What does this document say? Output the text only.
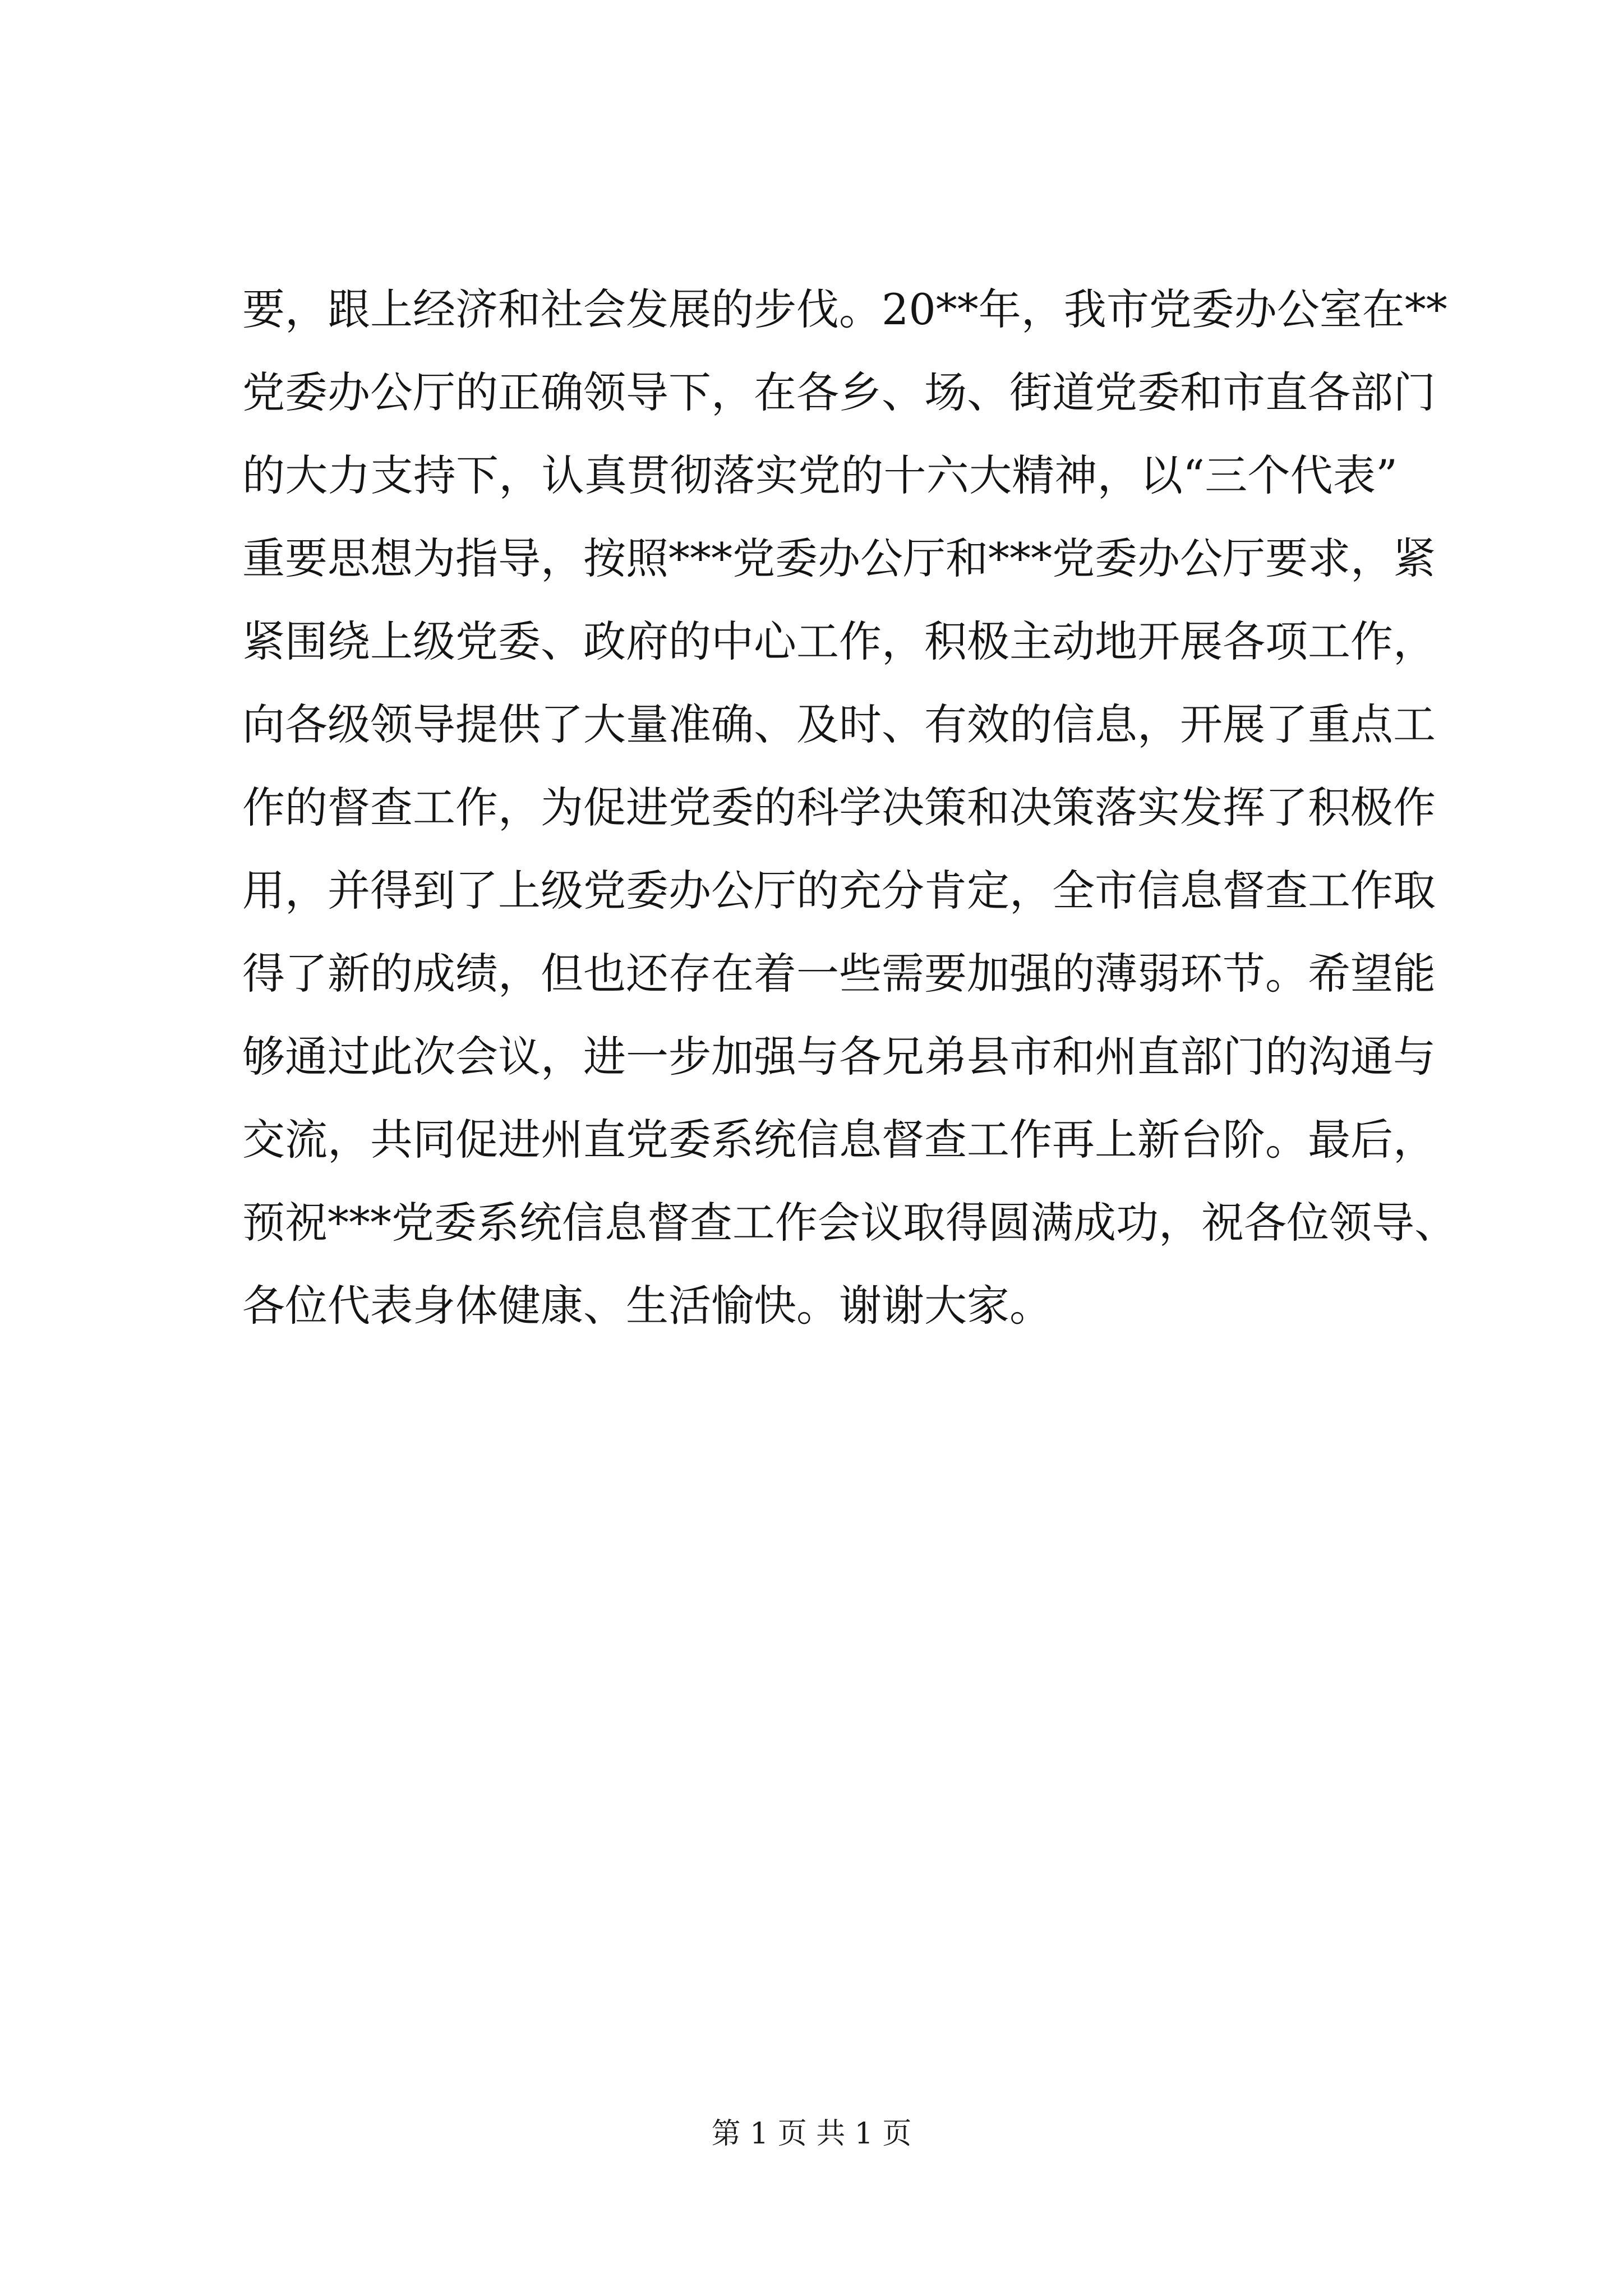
要，跟上经济和社会发展的步伐。20**年，我市党委办公室在**
党委办公厅的正确领导下，在各乡、场、街道党委和市直各部门
的大力支持下，认真贯彻落实党的十六大精神，以“三个代表”
重要思想为指导，按照***党委办公厅和***党委办公厅要求，紧
紧围绕上级党委、政府的中心工作，积极主动地开展各项工作，
向各级领导提供了大量准确、及时、有效的信息，开展了重点工
作的督查工作，为促进党委的科学决策和决策落实发挥了积极作
用，并得到了上级党委办公厅的充分肯定，全市信息督查工作取
得了新的成绩，但也还存在着一些需要加强的薄弱环节。希望能
够通过此次会议，进一步加强与各兄弟县市和州直部门的沟通与
交流，共同促进州直党委系统信息督查工作再上新台阶。最后，
预祝***党委系统信息督查工作会议取得圆满成功，祝各位领导、
各位代表身体健康、生活愉快。谢谢大家。
第 1 页 共 1 页
